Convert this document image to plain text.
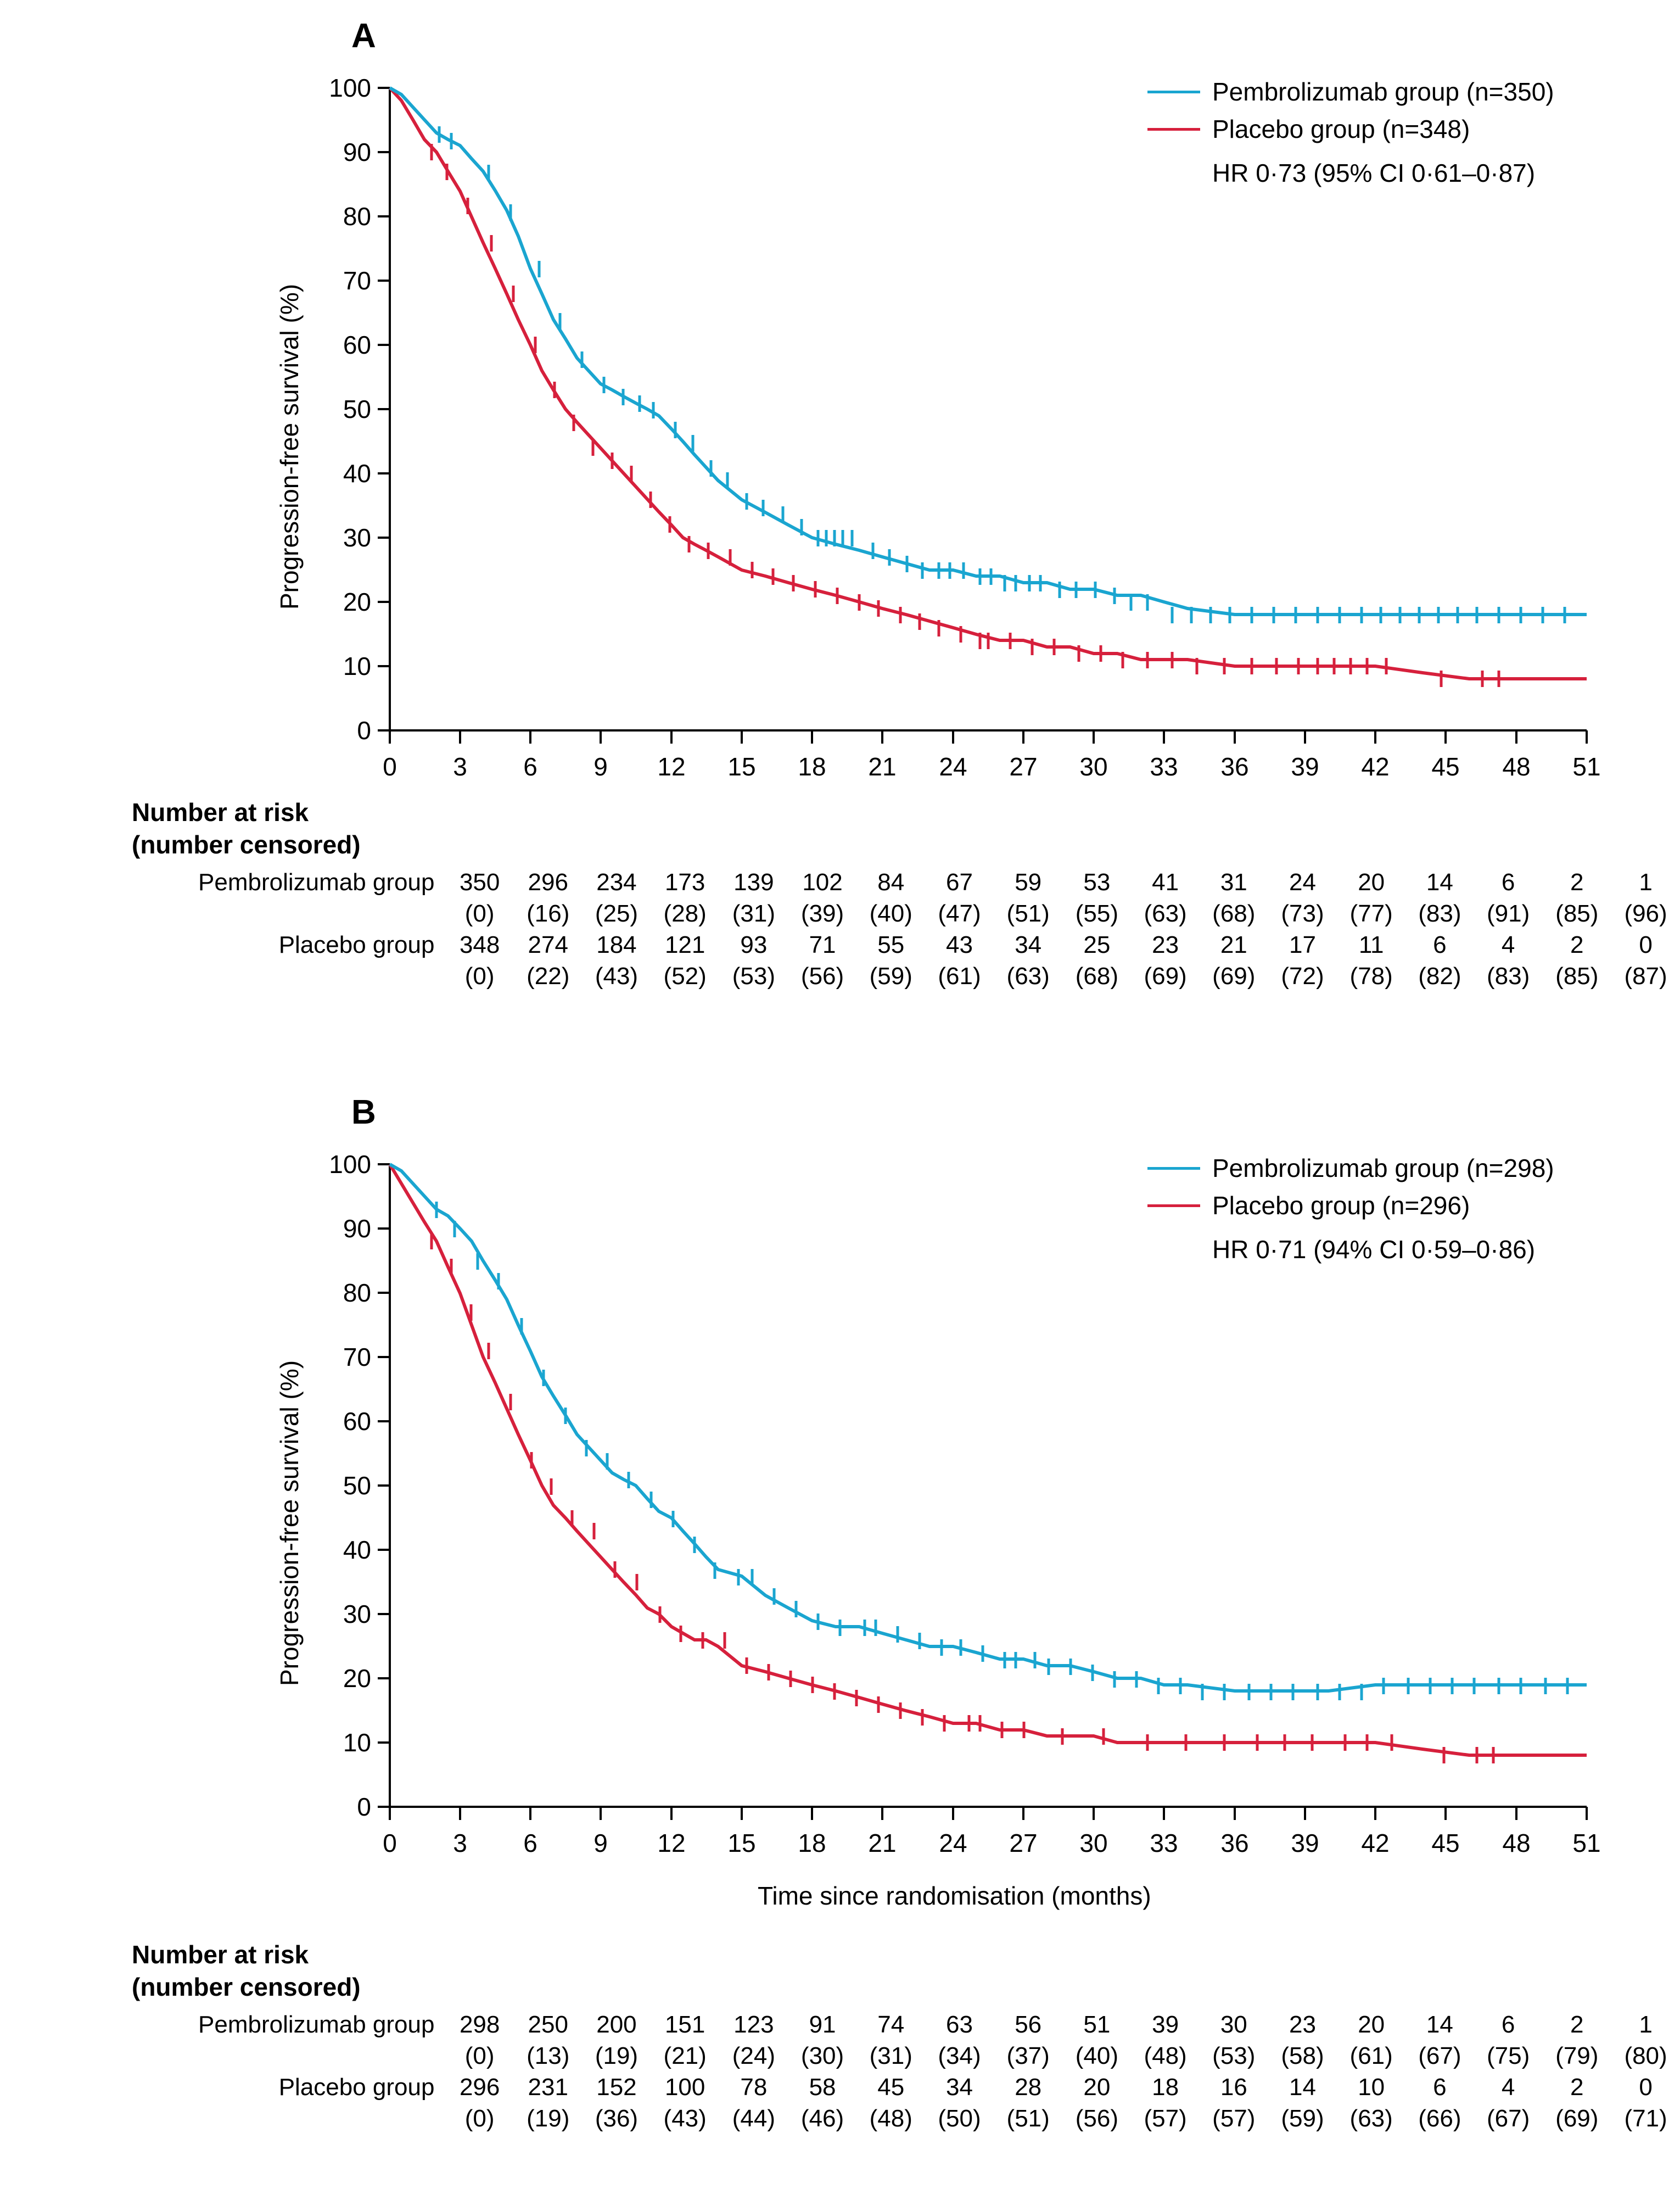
A
Progression-free survival (%)
Pembrolizumab group (n=350)
Placebo group (n=348)
HR 0·73 (95% CI 0·61–0·87)
100
90
80
70
60
50
40
30
20
10
0
0 3 6 9 12 15 18 21 24 27 30 33 36 39 42 45 48 51
Number at risk
(number censored)
Pembrolizumab group	350	296	234	173	139	102	84	67	59	53	41	31	24	20	14	6	2	1
	(0)	(16)	(25)	(28)	(31)	(39)	(40)	(47)	(51)	(55)	(63)	(68)	(73)	(77)	(83)	(91)	(85)	(96)
Placebo group	348	274	184	121	93	71	55	43	34	25	23	21	17	11	6	4	2	0
	(0)	(22)	(43)	(52)	(53)	(56)	(59)	(61)	(63)	(68)	(69)	(69)	(72)	(78)	(82)	(83)	(85)	(87)
B
Progression-free survival (%)
Pembrolizumab group (n=298)
Placebo group (n=296)
HR 0·71 (94% CI 0·59–0·86)
100
90
80
70
60
50
40
30
20
10
0
0 3 6 9 12 15 18 21 24 27 30 33 36 39 42 45 48 51
Time since randomisation (months)
Number at risk
(number censored)
Pembrolizumab group	298	250	200	151	123	91	74	63	56	51	39	30	23	20	14	6	2	1
	(0)	(13)	(19)	(21)	(24)	(30)	(31)	(34)	(37)	(40)	(48)	(53)	(58)	(61)	(67)	(75)	(79)	(80)
Placebo group	296	231	152	100	78	58	45	34	28	20	18	16	14	10	6	4	2	0
	(0)	(19)	(36)	(43)	(44)	(46)	(48)	(50)	(51)	(56)	(57)	(57)	(59)	(63)	(66)	(67)	(69)	(71)
